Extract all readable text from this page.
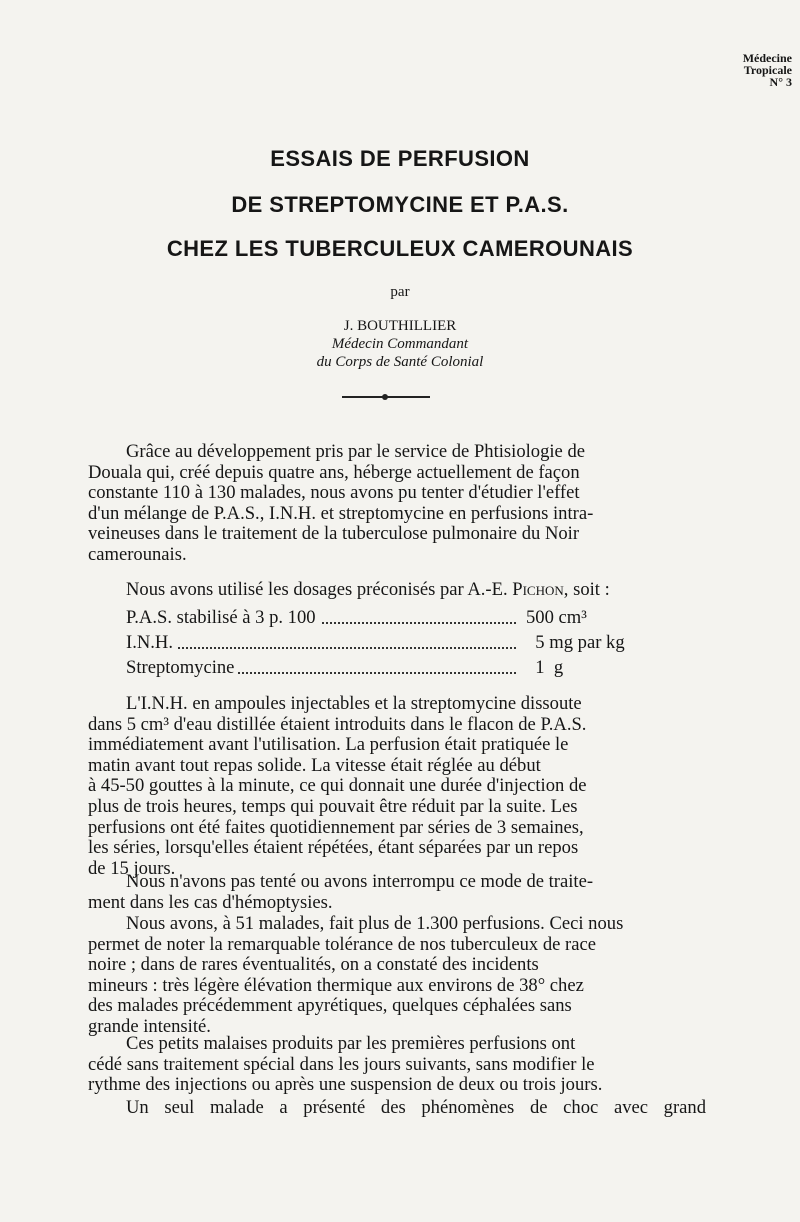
Médecine
Tropicale
N° 3
ESSAIS DE PERFUSION
DE STREPTOMYCINE ET P.A.S.
CHEZ LES TUBERCULEUX CAMEROUNAIS
par
J. BOUTHILLIER
Médecin Commandant
du Corps de Santé Colonial
Grâce au développement pris par le service de Phtisiologie de
Douala qui, créé depuis quatre ans, héberge actuellement de façon
constante 110 à 130 malades, nous avons pu tenter d'étudier l'effet
d'un mélange de P.A.S., I.N.H. et streptomycine en perfusions intra-
veineuses dans le traitement de la tuberculose pulmonaire du Noir
camerounais.
Nous avons utilisé les dosages préconisés par A.-E. Pichon, soit :
P.A.S. stabilisé à 3 p. 100	500 cm³
I.N.H.	5 mg par kg
Streptomycine	1  g
L'I.N.H. en ampoules injectables et la streptomycine dissoute
dans 5 cm³ d'eau distillée étaient introduits dans le flacon de P.A.S.
immédiatement avant l'utilisation. La perfusion était pratiquée le
matin avant tout repas solide. La vitesse était réglée au début
à 45-50 gouttes à la minute, ce qui donnait une durée d'injection de
plus de trois heures, temps qui pouvait être réduit par la suite. Les
perfusions ont été faites quotidiennement par séries de 3 semaines,
les séries, lorsqu'elles étaient répétées, étant séparées par un repos
de 15 jours.
Nous n'avons pas tenté ou avons interrompu ce mode de traite-
ment dans les cas d'hémoptysies.
Nous avons, à 51 malades, fait plus de 1.300 perfusions. Ceci nous
permet de noter la remarquable tolérance de nos tuberculeux de race
noire ; dans de rares éventualités, on a constaté des incidents
mineurs : très légère élévation thermique aux environs de 38° chez
des malades précédemment apyrétiques, quelques céphalées sans
grande intensité.
Ces petits malaises produits par les premières perfusions ont
cédé sans traitement spécial dans les jours suivants, sans modifier le
rythme des injections ou après une suspension de deux ou trois jours.
Un seul malade a présenté des phénomènes de choc avec grand
